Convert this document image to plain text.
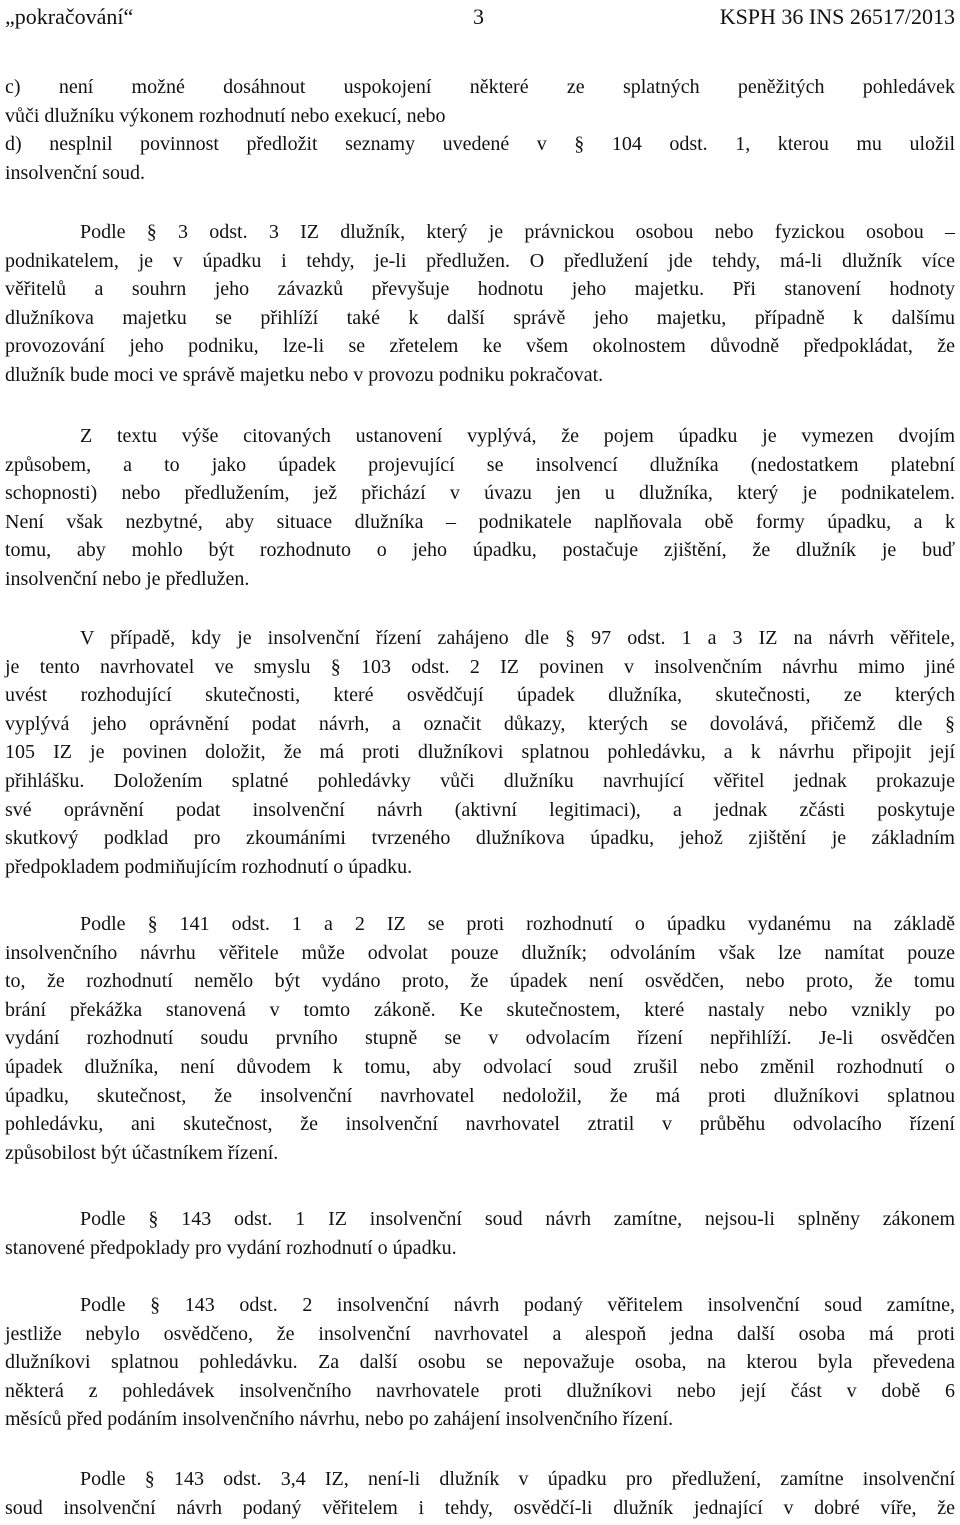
„pokračování“	3	KSPH 36 INS 26517/2013
c) není možné dosáhnout uspokojení některé ze splatných peněžitých pohledávek
vůči dlužníku výkonem rozhodnutí nebo exekucí, nebo
d) nesplnil povinnost předložit seznamy uvedené v § 104 odst. 1, kterou mu uložil
insolvenční soud.
Podle § 3 odst. 3 IZ dlužník, který je právnickou osobou nebo fyzickou osobou –
podnikatelem, je v úpadku i tehdy, je-li předlužen. O předlužení jde tehdy, má-li dlužník více
věřitelů a souhrn jeho závazků převyšuje hodnotu jeho majetku. Při stanovení hodnoty
dlužníkova majetku se přihlíží také k další správě jeho majetku, případně k dalšímu
provozování jeho podniku, lze-li se zřetelem ke všem okolnostem důvodně předpokládat, že
dlužník bude moci ve správě majetku nebo v provozu podniku pokračovat.
Z textu výše citovaných ustanovení vyplývá, že pojem úpadku je vymezen dvojím
způsobem, a to jako úpadek projevující se insolvencí dlužníka (nedostatkem platební
schopnosti) nebo předlužením, jež přichází v úvazu jen u dlužníka, který je podnikatelem.
Není však nezbytné, aby situace dlužníka – podnikatele naplňovala obě formy úpadku, a k
tomu, aby mohlo být rozhodnuto o jeho úpadku, postačuje zjištění, že dlužník je buď
insolvenční nebo je předlužen.
V případě, kdy je insolvenční řízení zahájeno dle § 97 odst. 1 a 3 IZ na návrh věřitele,
je tento navrhovatel ve smyslu § 103 odst. 2 IZ povinen v insolvenčním návrhu mimo jiné
uvést rozhodující skutečnosti, které osvědčují úpadek dlužníka, skutečnosti, ze kterých
vyplývá jeho oprávnění podat návrh, a označit důkazy, kterých se dovolává, přičemž dle §
105 IZ je povinen doložit, že má proti dlužníkovi splatnou pohledávku, a k návrhu připojit její
přihlášku. Doložením splatné pohledávky vůči dlužníku navrhující věřitel jednak prokazuje
své oprávnění podat insolvenční návrh (aktivní legitimaci), a jednak zčásti poskytuje
skutkový podklad pro zkoumáními tvrzeného dlužníkova úpadku, jehož zjištění je základním
předpokladem podmiňujícím rozhodnutí o úpadku.
Podle § 141 odst. 1 a 2 IZ se proti rozhodnutí o úpadku vydanému na základě
insolvenčního návrhu věřitele může odvolat pouze dlužník; odvoláním však lze namítat pouze
to, že rozhodnutí nemělo být vydáno proto, že úpadek není osvědčen, nebo proto, že tomu
brání překážka stanovená v tomto zákoně. Ke skutečnostem, které nastaly nebo vznikly po
vydání rozhodnutí soudu prvního stupně se v odvolacím řízení nepřihlíží. Je-li osvědčen
úpadek dlužníka, není důvodem k tomu, aby odvolací soud zrušil nebo změnil rozhodnutí o
úpadku, skutečnost, že insolvenční navrhovatel nedoložil, že má proti dlužníkovi splatnou
pohledávku, ani skutečnost, že insolvenční navrhovatel ztratil v průběhu odvolacího řízení
způsobilost být účastníkem řízení.
Podle § 143 odst. 1 IZ insolvenční soud návrh zamítne, nejsou-li splněny zákonem
stanovené předpoklady pro vydání rozhodnutí o úpadku.
Podle § 143 odst. 2 insolvenční návrh podaný věřitelem insolvenční soud zamítne,
jestliže nebylo osvědčeno, že insolvenční navrhovatel a alespoň jedna další osoba má proti
dlužníkovi splatnou pohledávku. Za další osobu se nepovažuje osoba, na kterou byla převedena
některá z pohledávek insolvenčního navrhovatele proti dlužníkovi nebo její část v době 6
měsíců před podáním insolvenčního návrhu, nebo po zahájení insolvenčního řízení.
Podle § 143 odst. 3,4 IZ, není-li dlužník v úpadku pro předlužení, zamítne insolvenční
soud insolvenční návrh podaný věřitelem i tehdy, osvědčí-li dlužník jednající v dobré víře, že
